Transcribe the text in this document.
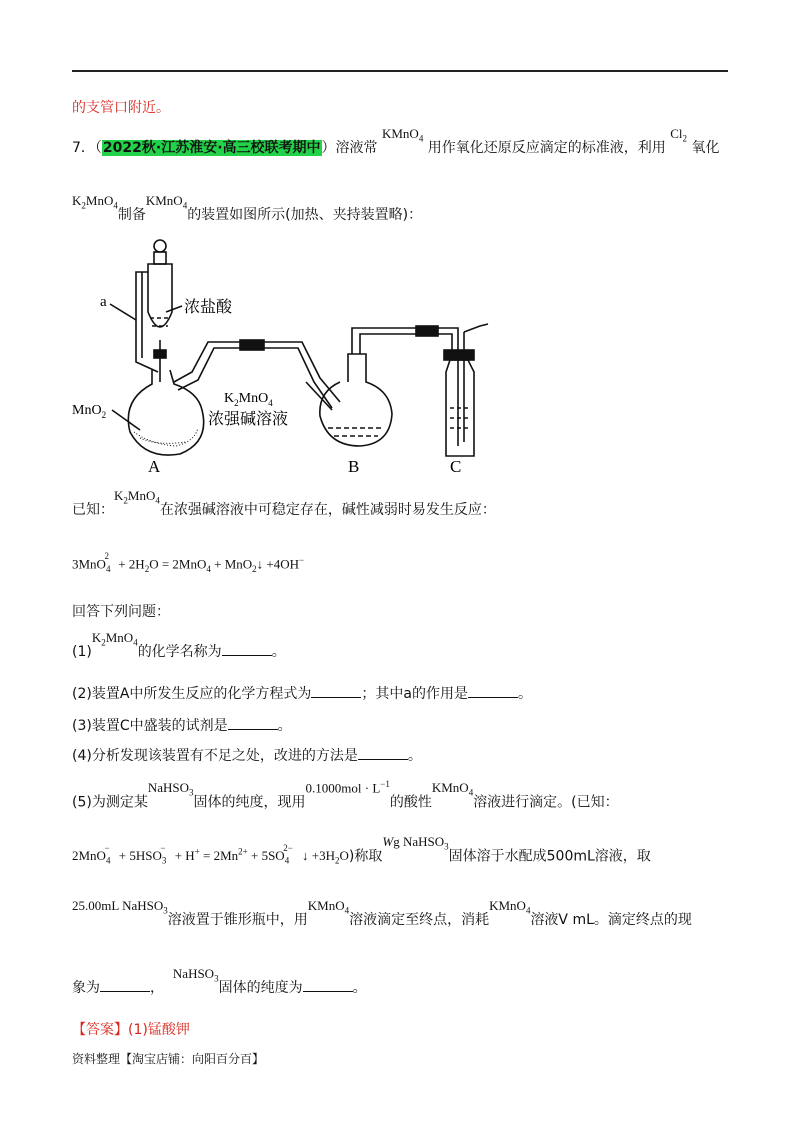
的支管口附近。
7．（2022秋·江苏淮安·高三校联考期中）溶液常 KMnO$_4$ 用作氧化还原反应滴定的标准液，利用 $Cl_2$ 氧化
$K_2MnO_4$制备KMnO$_4$的装置如图所示(加热、夹持装置略)：
a	浓盐酸
MnO$_2$
$K_2MnO_4$
浓强碱溶液
A	B	C
已知：$K_2MnO_4$在浓强碱溶液中可稳定存在，碱性减弱时易发生反应：
$3MnO_4^2 + 2H_2O = 2MnO_4$ + MnO$_2$↓ +4OH−
回答下列问题：
$(1)K_2MnO_4$的化学名称为	。
(2)装置A中所发生反应的化学方程式为	；其中a的作用是	。
(3)装置C中盛装的试剂是	。
(4)分析发现该装置有不足之处，改进的方法是	。
(5)为测定某NaHSO$_3$固体的纯度，现用$0.1000mol \cdot L^{-1}$的酸性KMnO$_4$溶液进行滴定。(已知：
$2MnO_4^- + 5HSO_3^- + H^+ = 2Mn^{2+} + 5SO_4^{2-}$ ↓ $+3H_2O$)称取Wg NaHSO$_3$固体溶于水配成500mL溶液，取
25.00mL NaHSO$_3$溶液置于锥形瓶中，用KMnO$_4$溶液滴定至终点，消耗KMnO$_4$溶液V mL。滴定终点的现
象为	，  NaHSO$_3$固体的纯度为	。
【答案】(1)锰酸钾
资料整理【淘宝店铺：向阳百分百】
